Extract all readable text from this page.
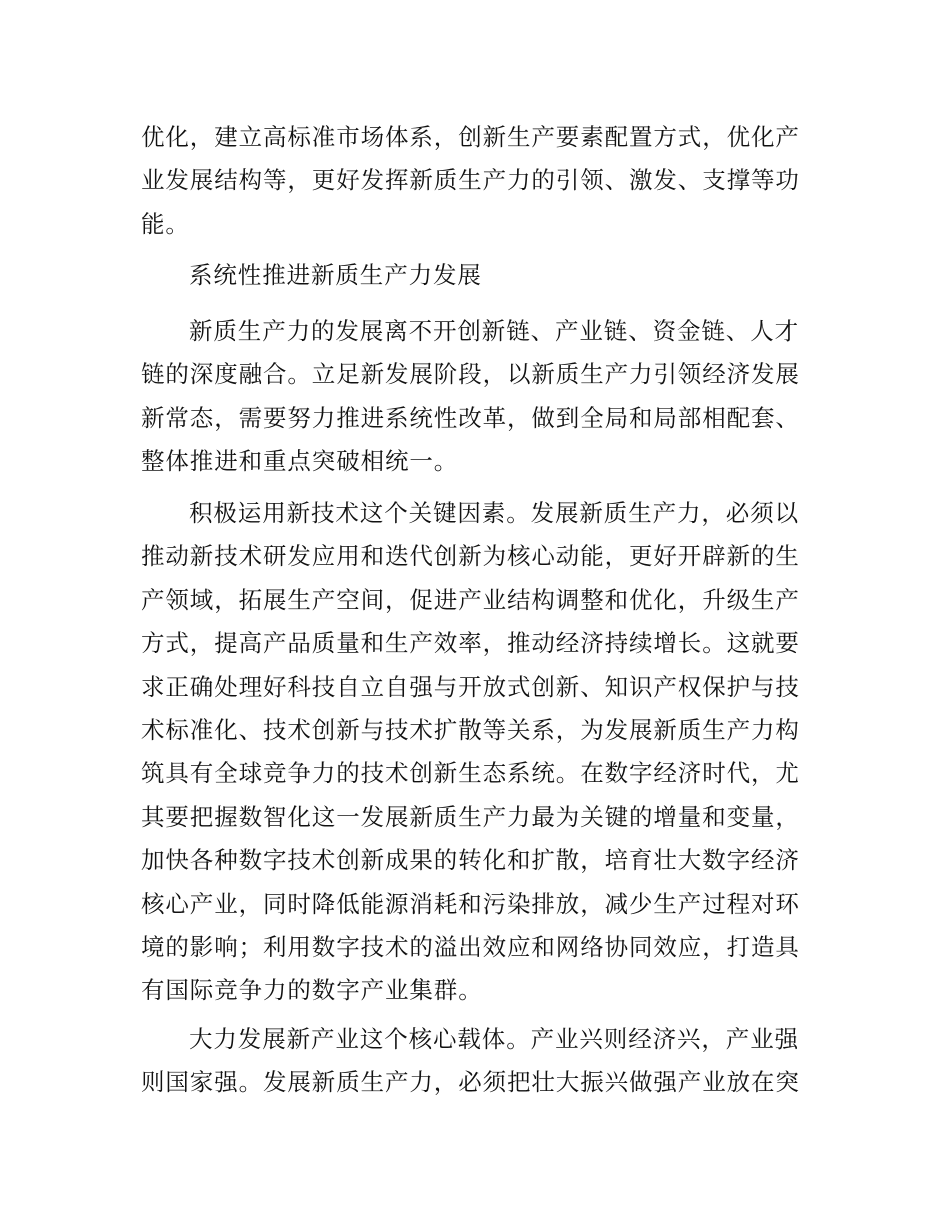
优化，建立高标准市场体系，创新生产要素配置方式，优化产
业发展结构等，更好发挥新质生产力的引领、激发、支撑等功
能。
系统性推进新质生产力发展
新质生产力的发展离不开创新链、产业链、资金链、人才
链的深度融合。立足新发展阶段，以新质生产力引领经济发展
新常态，需要努力推进系统性改革，做到全局和局部相配套、
整体推进和重点突破相统一。
积极运用新技术这个关键因素。发展新质生产力，必须以
推动新技术研发应用和迭代创新为核心动能，更好开辟新的生
产领域，拓展生产空间，促进产业结构调整和优化，升级生产
方式，提高产品质量和生产效率，推动经济持续增长。这就要
求正确处理好科技自立自强与开放式创新、知识产权保护与技
术标准化、技术创新与技术扩散等关系，为发展新质生产力构
筑具有全球竞争力的技术创新生态系统。在数字经济时代，尤
其要把握数智化这一发展新质生产力最为关键的增量和变量，
加快各种数字技术创新成果的转化和扩散，培育壮大数字经济
核心产业，同时降低能源消耗和污染排放，减少生产过程对环
境的影响；利用数字技术的溢出效应和网络协同效应，打造具
有国际竞争力的数字产业集群。
大力发展新产业这个核心载体。产业兴则经济兴，产业强
则国家强。发展新质生产力，必须把壮大振兴做强产业放在突
